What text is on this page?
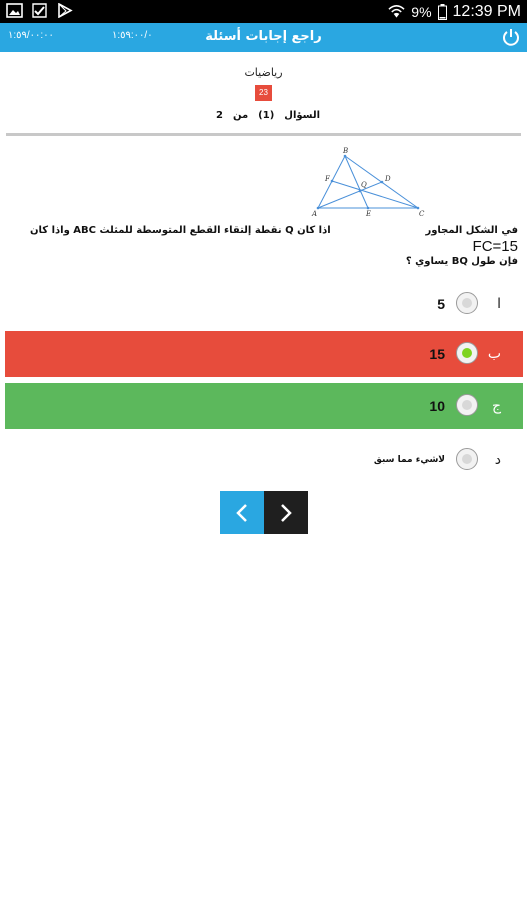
9% 12:39 PM
١:٥٩/٠٠:٠٠	١:٥٩:٠٠/٠	راجع إجابات أسئلة
رياضيات
23
2 من (1) السؤال
B
F	D
Q
A	E	C
اذا كان Q نقطة إلتقاء القطع المتوسطة للمثلث ABC واذا كان	في الشكل المجاور
FC=15
فإن طول BQ يساوي ؟
ا
5
ب
15
ج
10
د
لاشيء مما سبق
